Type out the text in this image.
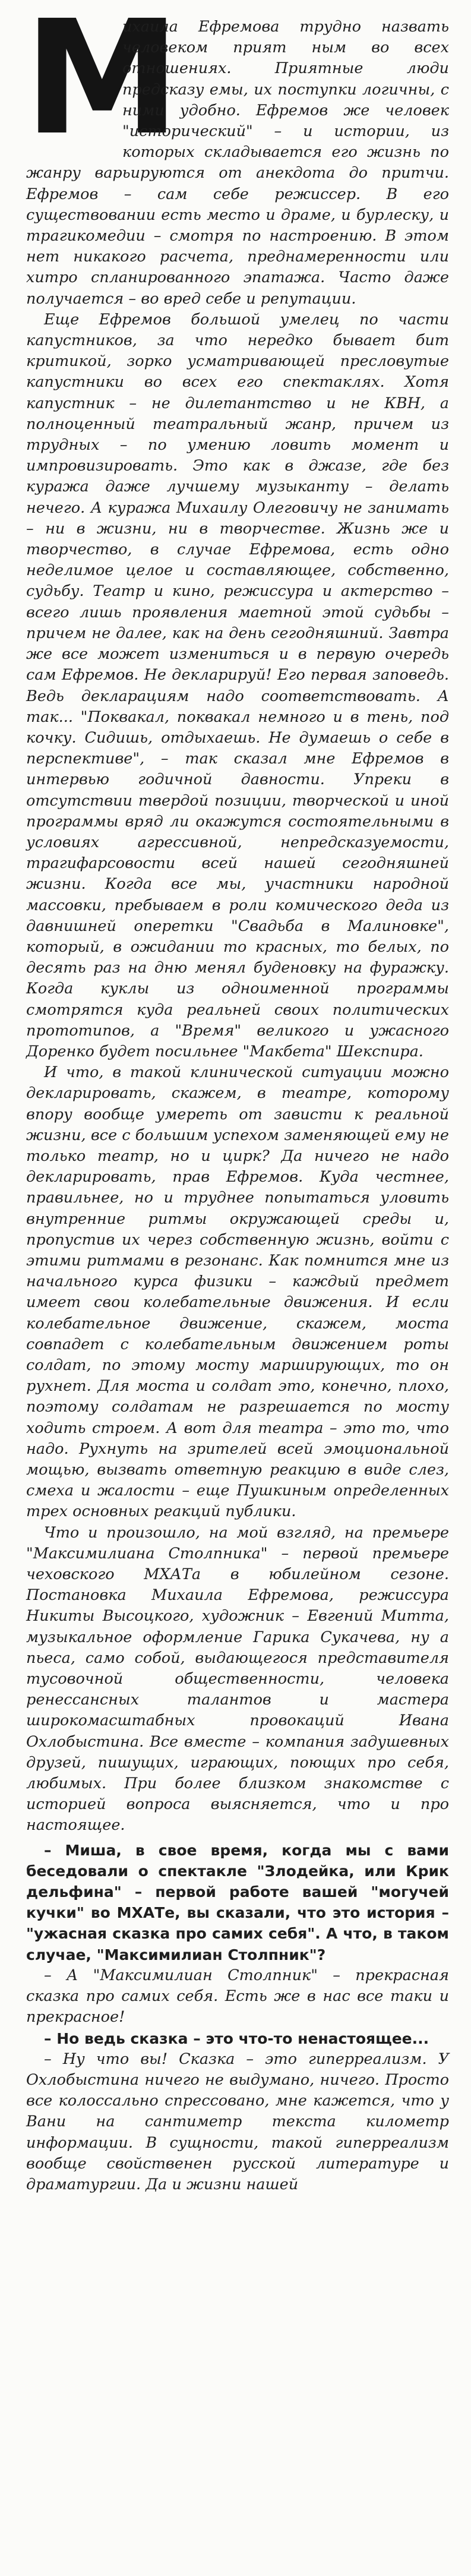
М

ихаила Ефремова трудно назвать человеком прият ным во всех отношениях. Приятные люди предсказу емы, их поступки логичны, с ними удобно. Ефремов же человек "исторический" – и истории, из которых складывается его жизнь по жанру варьируются от анекдота до притчи. Ефремов – сам себе режиссер. В его существовании есть место и драме, и бурлеску, и трагикомедии – смотря по настроению. В этом нет никакого расчета, преднамеренности или хитро спланированного эпатажа. Часто даже получается – во вред себе и репутации.

Еще Ефремов большой умелец по части капустников, за что нередко бывает бит критикой, зорко усматривающей пресловутые капустники во всех его спектаклях. Хотя капустник – не дилетантство и не КВН, а полноценный театральный жанр, причем из трудных – по умению ловить момент и импровизировать. Это как в джазе, где без куража даже лучшему музыканту – делать нечего. А куража Михаилу Олеговичу не занимать – ни в жизни, ни в творчестве. Жизнь же и творчество, в случае Ефремова, есть одно неделимое целое и составляющее, собственно, судьбу. Театр и кино, режиссура и актерство – всего лишь проявления маетной этой судьбы – причем не далее, как на день сегодняшний. Завтра же все может измениться и в первую очередь сам Ефремов. Не декларируй! Его первая заповедь. Ведь декларациям надо соответствовать. А так... "Поквакал, поквакал немного и в тень, под кочку. Сидишь, отдыхаешь. Не думаешь о себе в перспективе", – так сказал мне Ефремов в интервью годичной давности. Упреки в отсутствии твердой позиции, творческой и иной программы вряд ли окажутся состоятельными в условиях агрессивной, непредсказуемости, трагифарсовости всей нашей сегодняшней жизни. Когда все мы, участники народной массовки, пребываем в роли комического деда из давнишней оперетки "Свадьба в Малиновке", который, в ожидании то красных, то белых, по десять раз на дню менял буденовку на фуражку. Когда куклы из одноименной программы смотрятся куда реальней своих политических прототипов, а "Время" великого и ужасного Доренко будет посильнее "Макбета" Шекспира.

И что, в такой клинической ситуации можно декларировать, скажем, в театре, которому впору вообще умереть от зависти к реальной жизни, все с большим успехом заменяющей ему не только театр, но и цирк? Да ничего не надо декларировать, прав Ефремов. Куда честнее, правильнее, но и труднее попытаться уловить внутренние ритмы окружающей среды и, пропустив их через собственную жизнь, войти с этими ритмами в резонанс. Как помнится мне из начального курса физики – каждый предмет имеет свои колебательные движения. И если колебательное движение, скажем, моста совпадет с колебательным движением роты солдат, по этому мосту марширующих, то он рухнет. Для моста и солдат это, конечно, плохо, поэтому солдатам не разрешается по мосту ходить строем. А вот для театра – это то, что надо. Рухнуть на зрителей всей эмоциональной мощью, вызвать ответную реакцию в виде слез, смеха и жалости – еще Пушкиным определенных трех основных реакций публики.

Что и произошло, на мой взгляд, на премьере "Максимилиана Столпника" – первой премьере чеховского МХАТа в юбилейном сезоне. Постановка Михаила Ефремова, режиссура Никиты Высоцкого, художник – Евгений Митта, музыкальное оформление Гарика Сукачева, ну а пьеса, само собой, выдающегося представителя тусовочной общественности, человека ренессансных талантов и мастера широкомасштабных провокаций Ивана Охлобыстина. Все вместе – компания задушевных друзей, пишущих, играющих, поющих про себя, любимых. При более близком знакомстве с историей вопроса выясняется, что и про настоящее.

– Миша, в свое время, когда мы с вами беседовали о спектакле "Злодейка, или Крик дельфина" – первой работе вашей "могучей кучки" во МХАТе, вы сказали, что это история – "ужасная сказка про самих себя". А что, в таком случае, "Максимилиан Столпник"?

– А "Максимилиан Столпник" – прекрасная сказка про самих себя. Есть же в нас все таки и прекрасное!

– Но ведь сказка – это что-то ненастоящее...

– Ну что вы! Сказка – это гиперреализм. У Охлобыстина ничего не выдумано, ничего. Просто все колоссально спрессовано, мне кажется, что у Вани на сантиметр текста километр информации. В сущности, такой гиперреализм вообще свойственен русской литературе и драматургии. Да и жизни нашей
